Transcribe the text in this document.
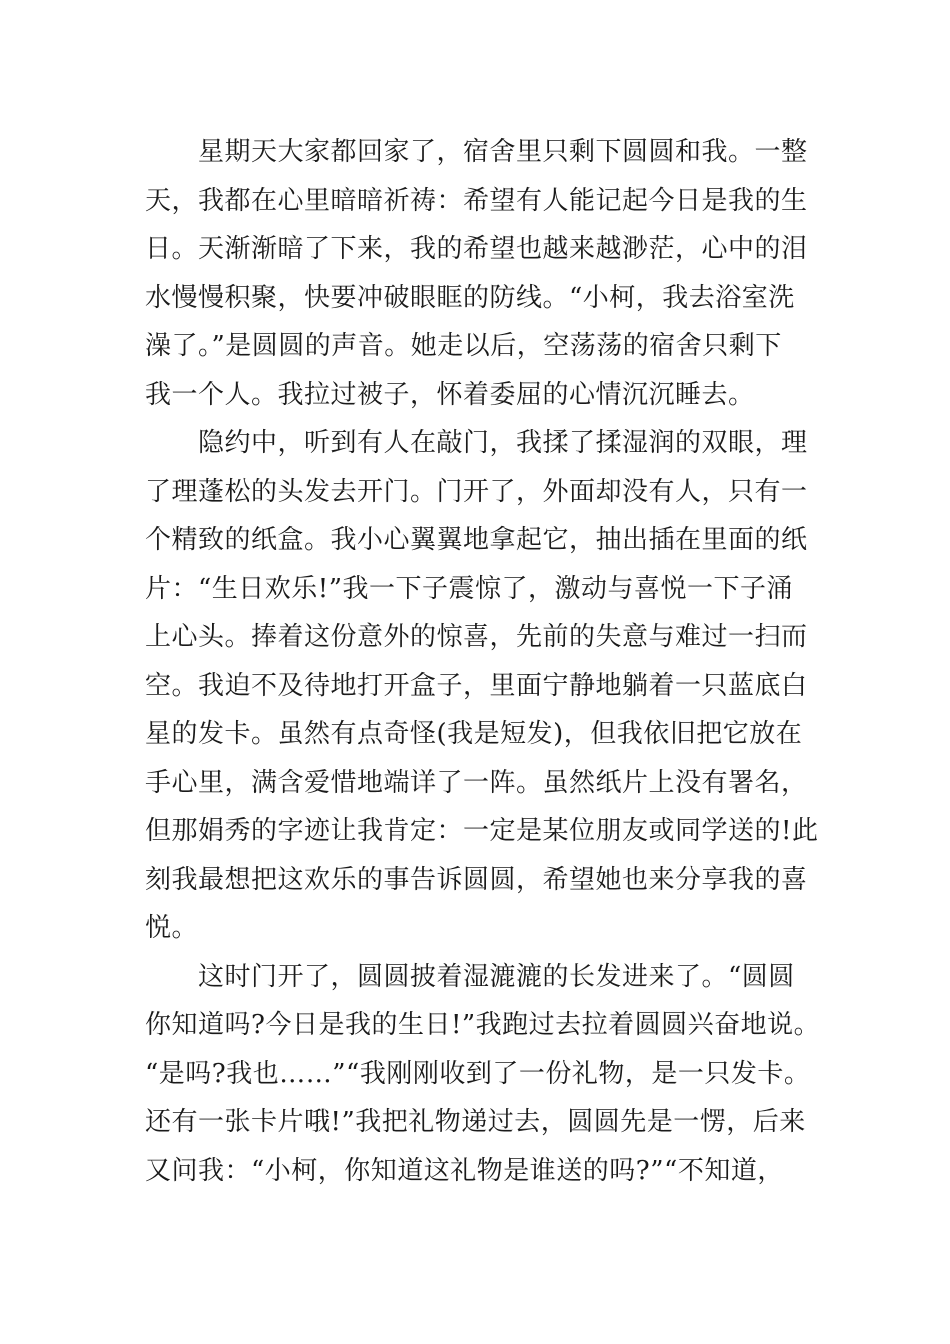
星期天大家都回家了，宿舍里只剩下圆圆和我。一整
天，我都在心里暗暗祈祷：希望有人能记起今日是我的生
日。天渐渐暗了下来，我的希望也越来越渺茫，心中的泪
水慢慢积聚，快要冲破眼眶的防线。“小柯，我去浴室洗
澡了。”是圆圆的声音。她走以后，空荡荡的宿舍只剩下
我一个人。我拉过被子，怀着委屈的心情沉沉睡去。
隐约中，听到有人在敲门，我揉了揉湿润的双眼，理
了理蓬松的头发去开门。门开了，外面却没有人，只有一
个精致的纸盒。我小心翼翼地拿起它，抽出插在里面的纸
片：“生日欢乐!”我一下子震惊了，激动与喜悦一下子涌
上心头。捧着这份意外的惊喜，先前的失意与难过一扫而
空。我迫不及待地打开盒子，里面宁静地躺着一只蓝底白
星的发卡。虽然有点奇怪(我是短发)，但我依旧把它放在
手心里，满含爱惜地端详了一阵。虽然纸片上没有署名，
但那娟秀的字迹让我肯定：一定是某位朋友或同学送的!此
刻我最想把这欢乐的事告诉圆圆，希望她也来分享我的喜
悦。
这时门开了，圆圆披着湿漉漉的长发进来了。“圆圆
你知道吗?今日是我的生日!”我跑过去拉着圆圆兴奋地说。
“是吗?我也……”“我刚刚收到了一份礼物，是一只发卡。
还有一张卡片哦!”我把礼物递过去，圆圆先是一愣，后来
又问我：“小柯，你知道这礼物是谁送的吗?”“不知道，
